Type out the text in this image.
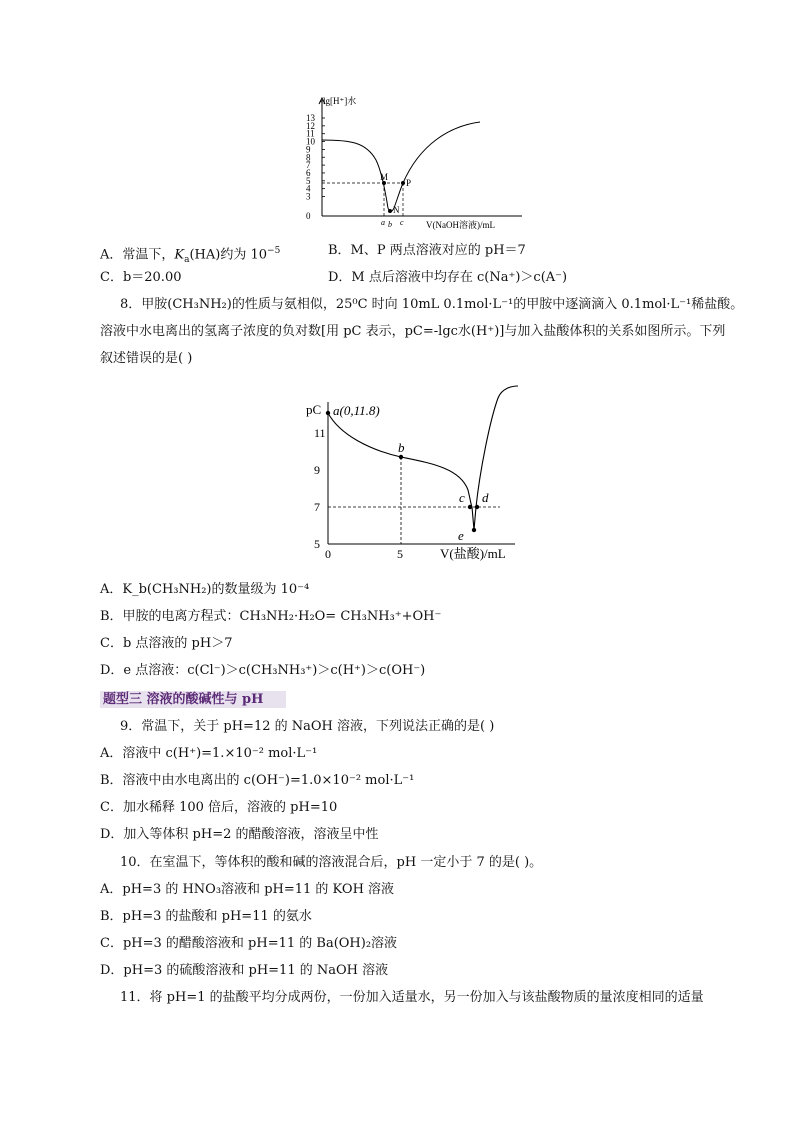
-lg[H⁺]水
13
12
11
10
9
8
7
6
5
4
3
0
M
N
P
a b c V(NaOH溶液)/mL
A．常温下，$K_a(HA)$约为 $10^{-5}$	B．M、P 两点溶液对应的 pH＝7
C．b＝20.00	D．M 点后溶液中均存在 c(Na⁺)＞c(A⁻)
8．甲胺(CH₃NH₂)的性质与氨相似，25⁰C 时向 10mL 0.1mol·L⁻¹的甲胺中逐滴滴入 0.1mol·L⁻¹稀盐酸。
溶液中水电离出的氢离子浓度的负对数[用 pC 表示，pC=-lgc水(H⁺)]与加入盐酸体积的关系如图所示。下列
叙述错误的是( )
pC
11
9
7
5
0	5	V(盐酸)/mL
a(0,11.8)
b
c d
e
A．K_b(CH₃NH₂)的数量级为 10⁻⁴
B．甲胺的电离方程式：CH₃NH₂·H₂O= CH₃NH₃⁺+OH⁻
C．b 点溶液的 pH＞7
D．e 点溶液：c(Cl⁻)＞c(CH₃NH₃⁺)＞c(H⁺)＞c(OH⁻)
题型三 溶液的酸碱性与 pH
9．常温下，关于 pH=12 的 NaOH 溶液，下列说法正确的是( )
A．溶液中 c(H⁺)=1.×10⁻² mol·L⁻¹
B．溶液中由水电离出的 c(OH⁻)=1.0×10⁻² mol·L⁻¹
C．加水稀释 100 倍后，溶液的 pH=10
D．加入等体积 pH=2 的醋酸溶液，溶液呈中性
10．在室温下，等体积的酸和碱的溶液混合后，pH 一定小于 7 的是( )。
A．pH=3 的 HNO₃溶液和 pH=11 的 KOH 溶液
B．pH=3 的盐酸和 pH=11 的氨水
C．pH=3 的醋酸溶液和 pH=11 的 Ba(OH)₂溶液
D．pH=3 的硫酸溶液和 pH=11 的 NaOH 溶液
11．将 pH=1 的盐酸平均分成两份，一份加入适量水，另一份加入与该盐酸物质的量浓度相同的适量
